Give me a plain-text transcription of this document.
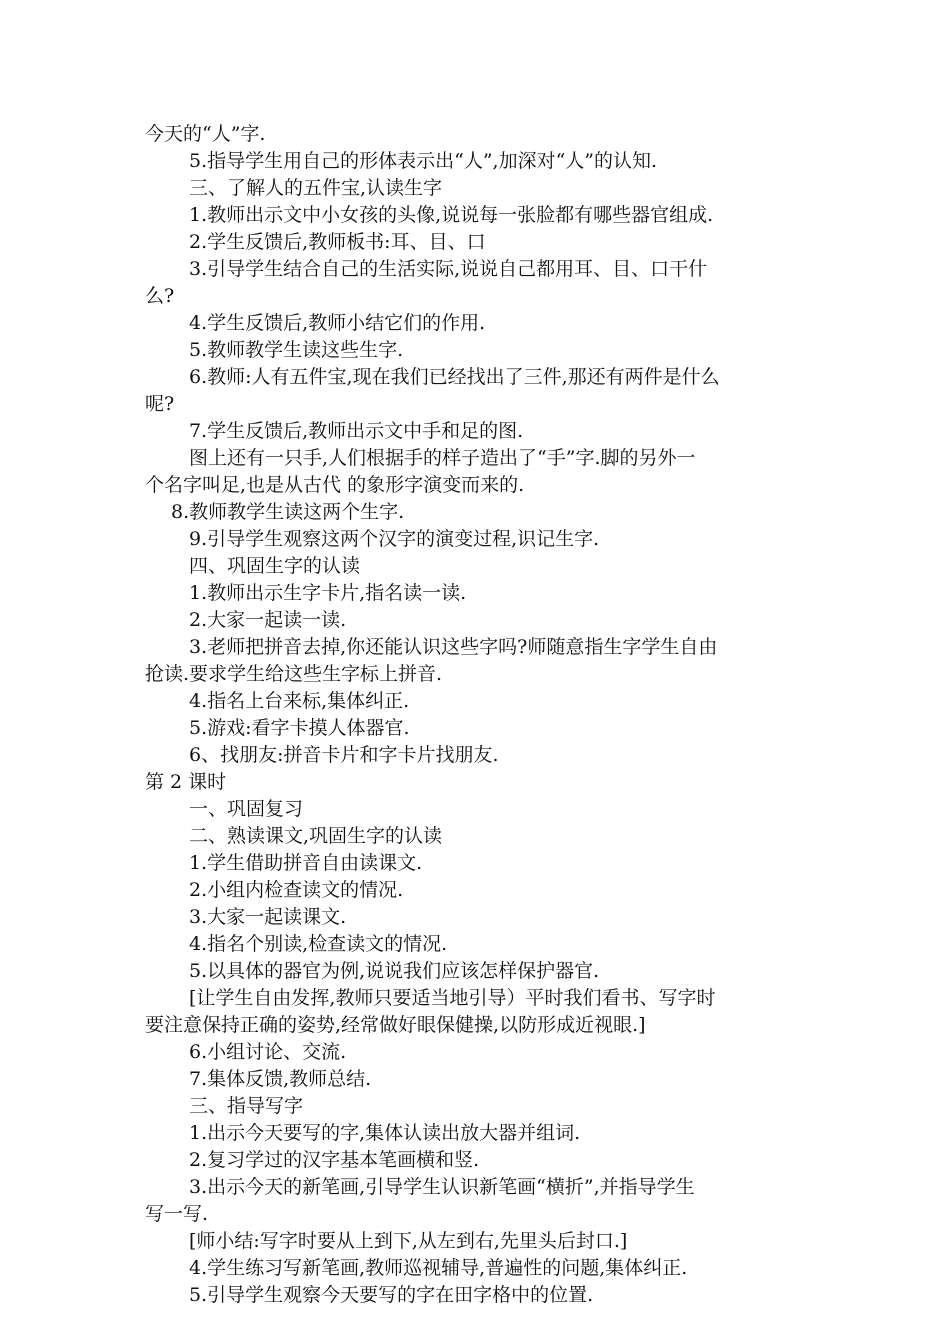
今天的“人”字.
5.指导学生用自己的形体表示出“人”,加深对“人”的认知.
三、了解人的五件宝,认读生字
1.教师出示文中小女孩的头像,说说每一张脸都有哪些器官组成.
2.学生反馈后,教师板书:耳、目、口
3.引导学生结合自己的生活实际,说说自己都用耳、目、口干什
么?
4.学生反馈后,教师小结它们的作用.
5.教师教学生读这些生字.
6.教师:人有五件宝,现在我们已经找出了三件,那还有两件是什么
呢?
7.学生反馈后,教师出示文中手和足的图.
图上还有一只手,人们根据手的样子造出了“手”字.脚的另外一
个名字叫足,也是从古代 的象形字演变而来的.
8.教师教学生读这两个生字.
9.引导学生观察这两个汉字的演变过程,识记生字.
四、巩固生字的认读
1.教师出示生字卡片,指名读一读.
2.大家一起读一读.
3.老师把拼音去掉,你还能认识这些字吗?师随意指生字学生自由
抢读.要求学生给这些生字标上拼音.
4.指名上台来标,集体纠正.
5.游戏:看字卡摸人体器官.
6、找朋友:拼音卡片和字卡片找朋友.
第 2 课时
一、巩固复习
二、熟读课文,巩固生字的认读
1.学生借助拼音自由读课文.
2.小组内检查读文的情况.
3.大家一起读课文.
4.指名个别读,检查读文的情况.
5.以具体的器官为例,说说我们应该怎样保护器官.
[让学生自由发挥,教师只要适当地引导）平时我们看书、写字时
要注意保持正确的姿势,经常做好眼保健操,以防形成近视眼.]
6.小组讨论、交流.
7.集体反馈,教师总结.
三、指导写字
1.出示今天要写的字,集体认读出放大器并组词.
2.复习学过的汉字基本笔画横和竖.
3.出示今天的新笔画,引导学生认识新笔画“横折”,并指导学生
写一写.
[师小结:写字时要从上到下,从左到右,先里头后封口.]
4.学生练习写新笔画,教师巡视辅导,普遍性的问题,集体纠正.
5.引导学生观察今天要写的字在田字格中的位置.
